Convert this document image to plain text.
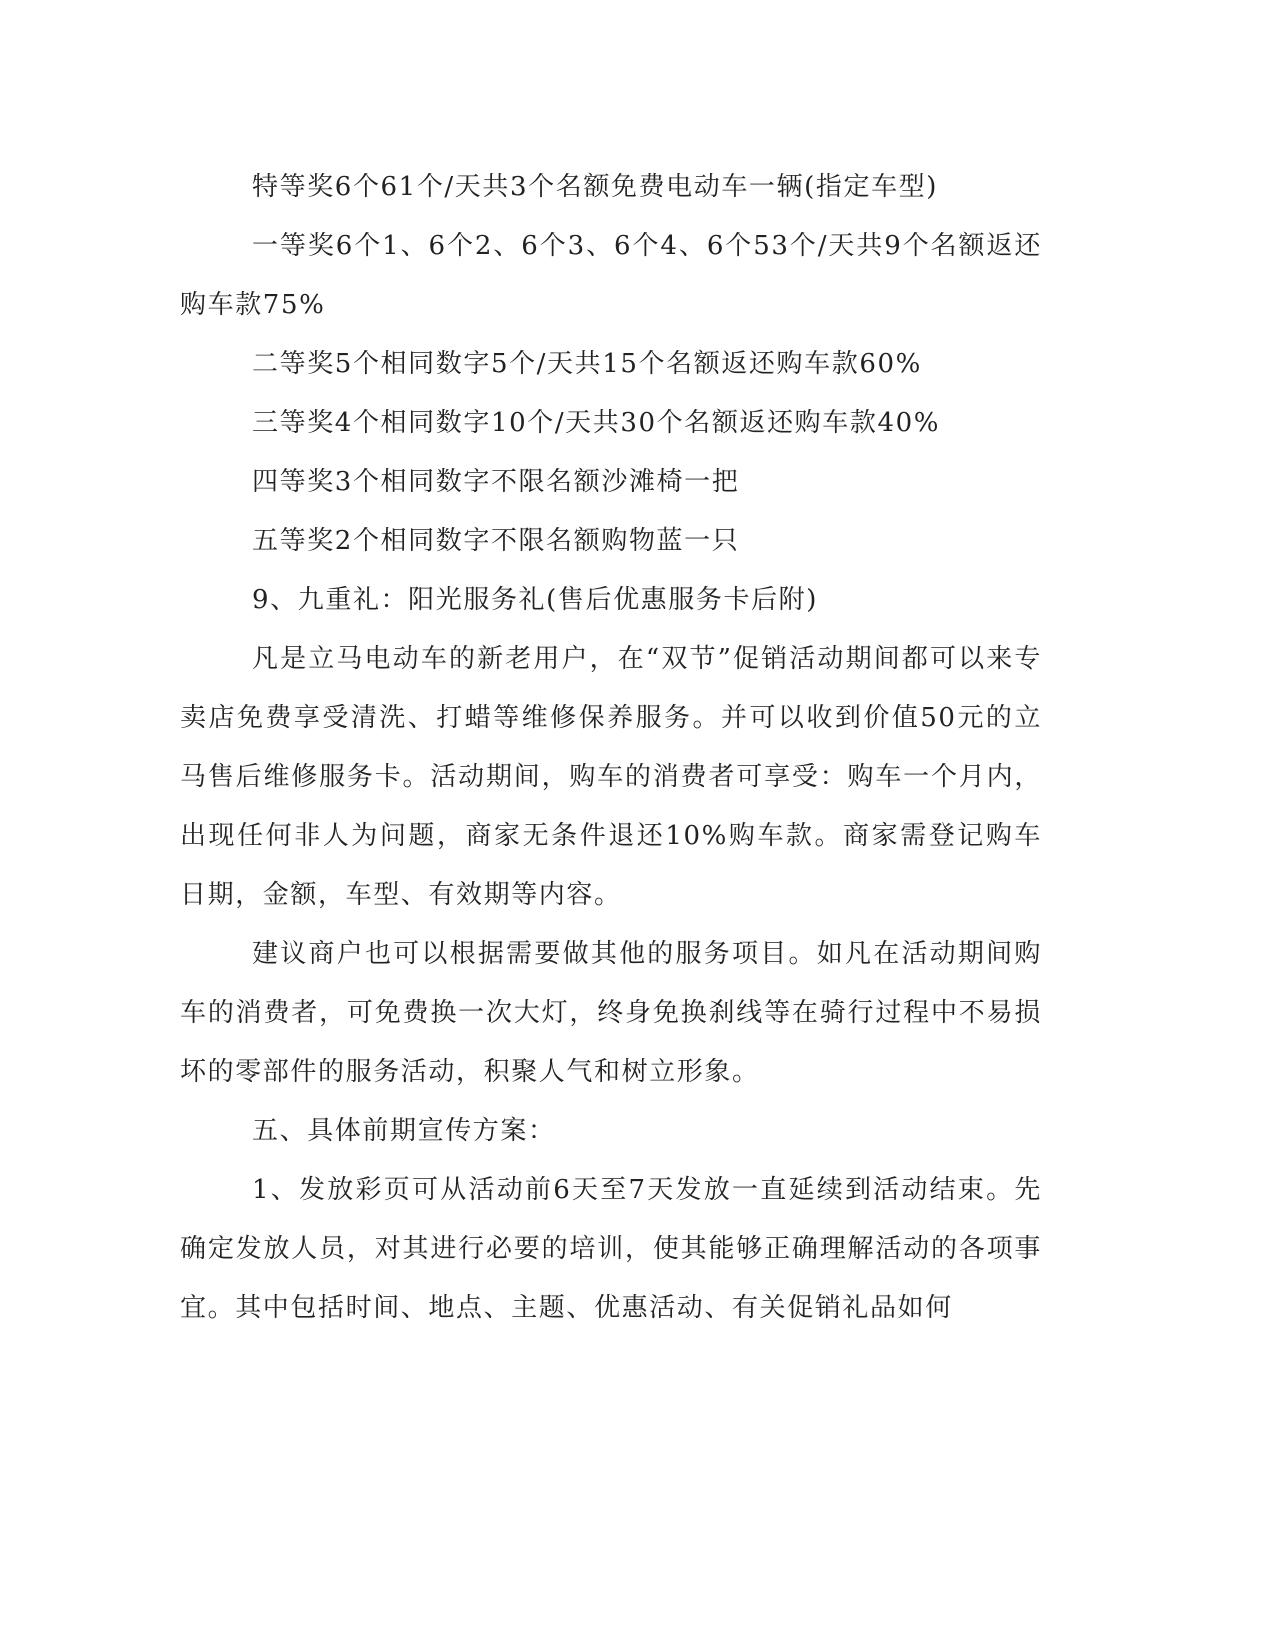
特等奖6个61个/天共3个名额免费电动车一辆(指定车型)

一等奖6个1、6个2、6个3、6个4、6个53个/天共9个名额返还购车款75%

二等奖5个相同数字5个/天共15个名额返还购车款60%

三等奖4个相同数字10个/天共30个名额返还购车款40%

四等奖3个相同数字不限名额沙滩椅一把

五等奖2个相同数字不限名额购物蓝一只

9、九重礼：阳光服务礼(售后优惠服务卡后附)

凡是立马电动车的新老用户，在“双节”促销活动期间都可以来专卖店免费享受清洗、打蜡等维修保养服务。并可以收到价值50元的立马售后维修服务卡。活动期间，购车的消费者可享受：购车一个月内，出现任何非人为问题，商家无条件退还10%购车款。商家需登记购车日期，金额，车型、有效期等内容。

建议商户也可以根据需要做其他的服务项目。如凡在活动期间购车的消费者，可免费换一次大灯，终身免换刹线等在骑行过程中不易损坏的零部件的服务活动，积聚人气和树立形象。

五、具体前期宣传方案：

1、发放彩页可从活动前6天至7天发放一直延续到活动结束。先确定发放人员，对其进行必要的培训，使其能够正确理解活动的各项事宜。其中包括时间、地点、主题、优惠活动、有关促销礼品如何
